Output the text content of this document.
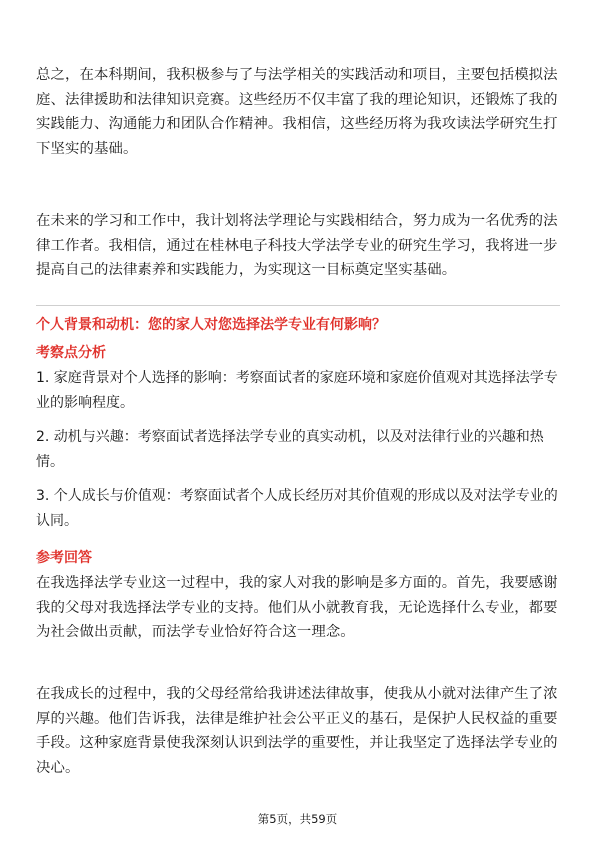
总之，在本科期间，我积极参与了与法学相关的实践活动和项目，主要包括模拟法庭、法律援助和法律知识竞赛。这些经历不仅丰富了我的理论知识，还锻炼了我的实践能力、沟通能力和团队合作精神。我相信，这些经历将为我攻读法学研究生打下坚实的基础。

在未来的学习和工作中，我计划将法学理论与实践相结合，努力成为一名优秀的法律工作者。我相信，通过在桂林电子科技大学法学专业的研究生学习，我将进一步提高自己的法律素养和实践能力，为实现这一目标奠定坚实基础。

个人背景和动机：您的家人对您选择法学专业有何影响？

考察点分析

1. 家庭背景对个人选择的影响：考察面试者的家庭环境和家庭价值观对其选择法学专业的影响程度。

2. 动机与兴趣：考察面试者选择法学专业的真实动机，以及对法律行业的兴趣和热情。

3. 个人成长与价值观：考察面试者个人成长经历对其价值观的形成以及对法学专业的认同。

参考回答

在我选择法学专业这一过程中，我的家人对我的影响是多方面的。首先，我要感谢我的父母对我选择法学专业的支持。他们从小就教育我，无论选择什么专业，都要为社会做出贡献，而法学专业恰好符合这一理念。

在我成长的过程中，我的父母经常给我讲述法律故事，使我从小就对法律产生了浓厚的兴趣。他们告诉我，法律是维护社会公平正义的基石，是保护人民权益的重要手段。这种家庭背景使我深刻认识到法学的重要性，并让我坚定了选择法学专业的决心。

第5页，共59页
